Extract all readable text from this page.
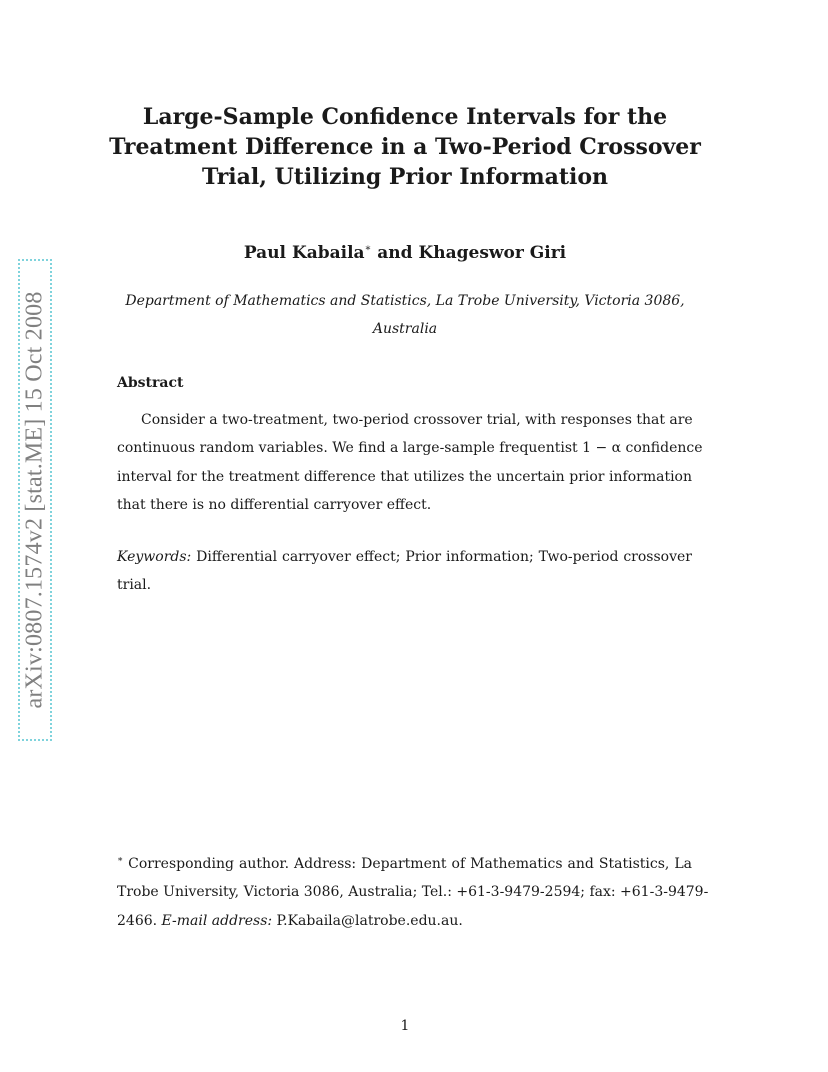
arXiv:0807.1574v2 [stat.ME] 15 Oct 2008
Large-Sample Confidence Intervals for the
Treatment Difference in a Two-Period Crossover
Trial, Utilizing Prior Information
Paul Kabaila∗ and Khageswor Giri
Department of Mathematics and Statistics, La Trobe University, Victoria 3086,
Australia
Abstract
Consider a two-treatment, two-period crossover trial, with responses that are
continuous random variables. We find a large-sample frequentist 1 − α confidence
interval for the treatment difference that utilizes the uncertain prior information
that there is no differential carryover effect.
Keywords: Differential carryover effect; Prior information; Two-period crossover
trial.
∗ Corresponding author. Address: Department of Mathematics and Statistics, La
Trobe University, Victoria 3086, Australia; Tel.: +61-3-9479-2594; fax: +61-3-9479-
2466. E-mail address: P.Kabaila@latrobe.edu.au.
1
